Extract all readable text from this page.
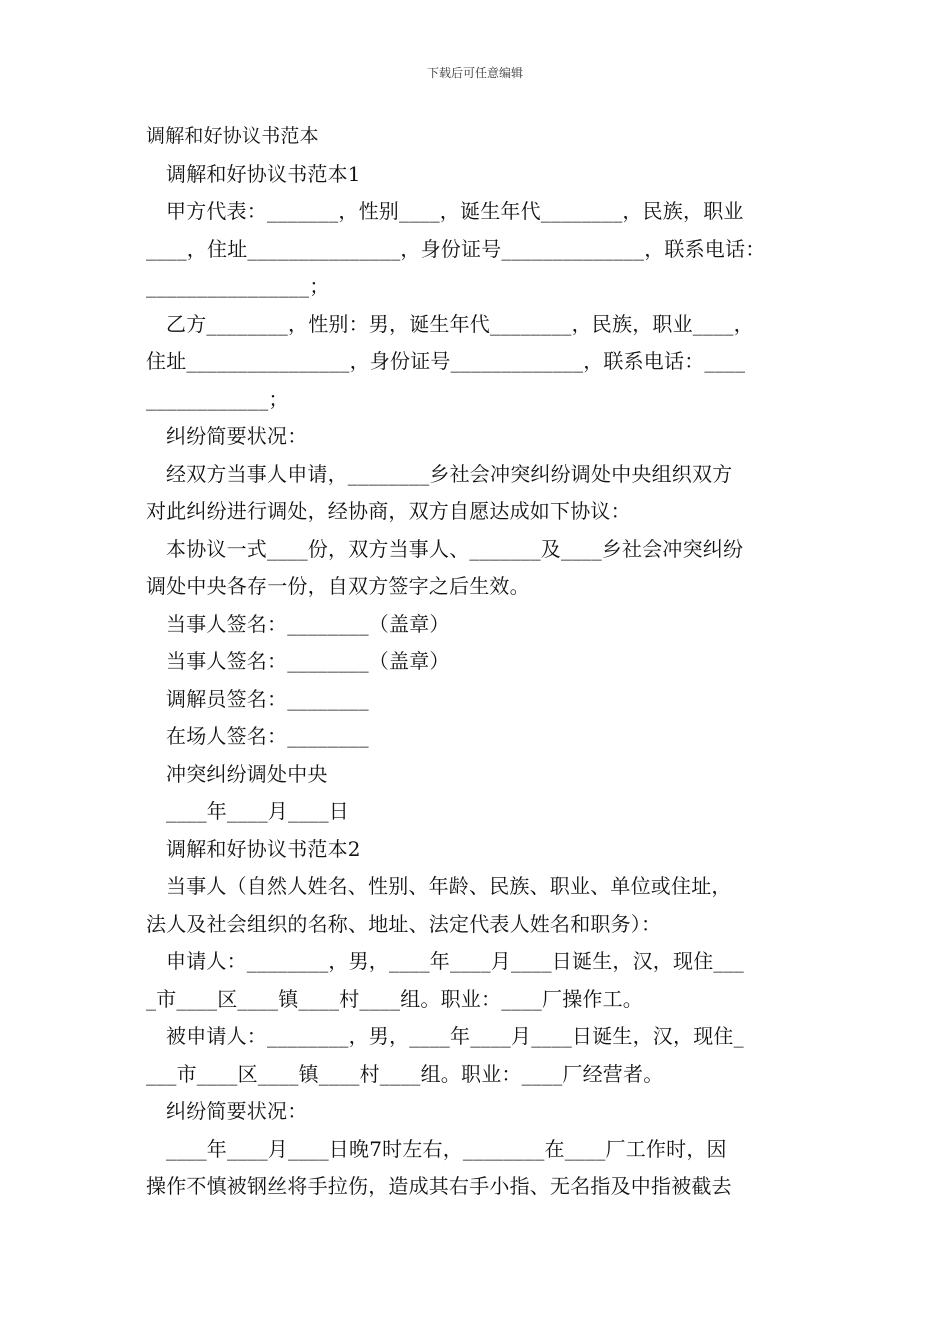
下载后可任意编辑
调解和好协议书范本
调解和好协议书范本1
甲方代表：_______，性别____，诞生年代________，民族，职业
____，住址_______________，身份证号______________，联系电话：
________________；
乙方________，性别：男，诞生年代________，民族，职业____，
住址________________，身份证号_____________，联系电话：____
____________；
纠纷简要状况：
经双方当事人申请，________乡社会冲突纠纷调处中央组织双方
对此纠纷进行调处，经协商，双方自愿达成如下协议：
本协议一式____份，双方当事人、_______及____乡社会冲突纠纷
调处中央各存一份，自双方签字之后生效。
当事人签名：________（盖章）
当事人签名：________（盖章）
调解员签名：________
在场人签名：________
冲突纠纷调处中央
____年____月____日
调解和好协议书范本2
当事人（自然人姓名、性别、年龄、民族、职业、单位或住址，
法人及社会组织的名称、地址、法定代表人姓名和职务）：
申请人：________，男，____年____月____日诞生，汉，现住___
_市____区____镇____村____组。职业：____厂操作工。
被申请人：________，男，____年____月____日诞生，汉，现住_
___市____区____镇____村____组。职业：____厂经营者。
纠纷简要状况：
____年____月____日晚7时左右，________在____厂工作时，因
操作不慎被钢丝将手拉伤，造成其右手小指、无名指及中指被截去
